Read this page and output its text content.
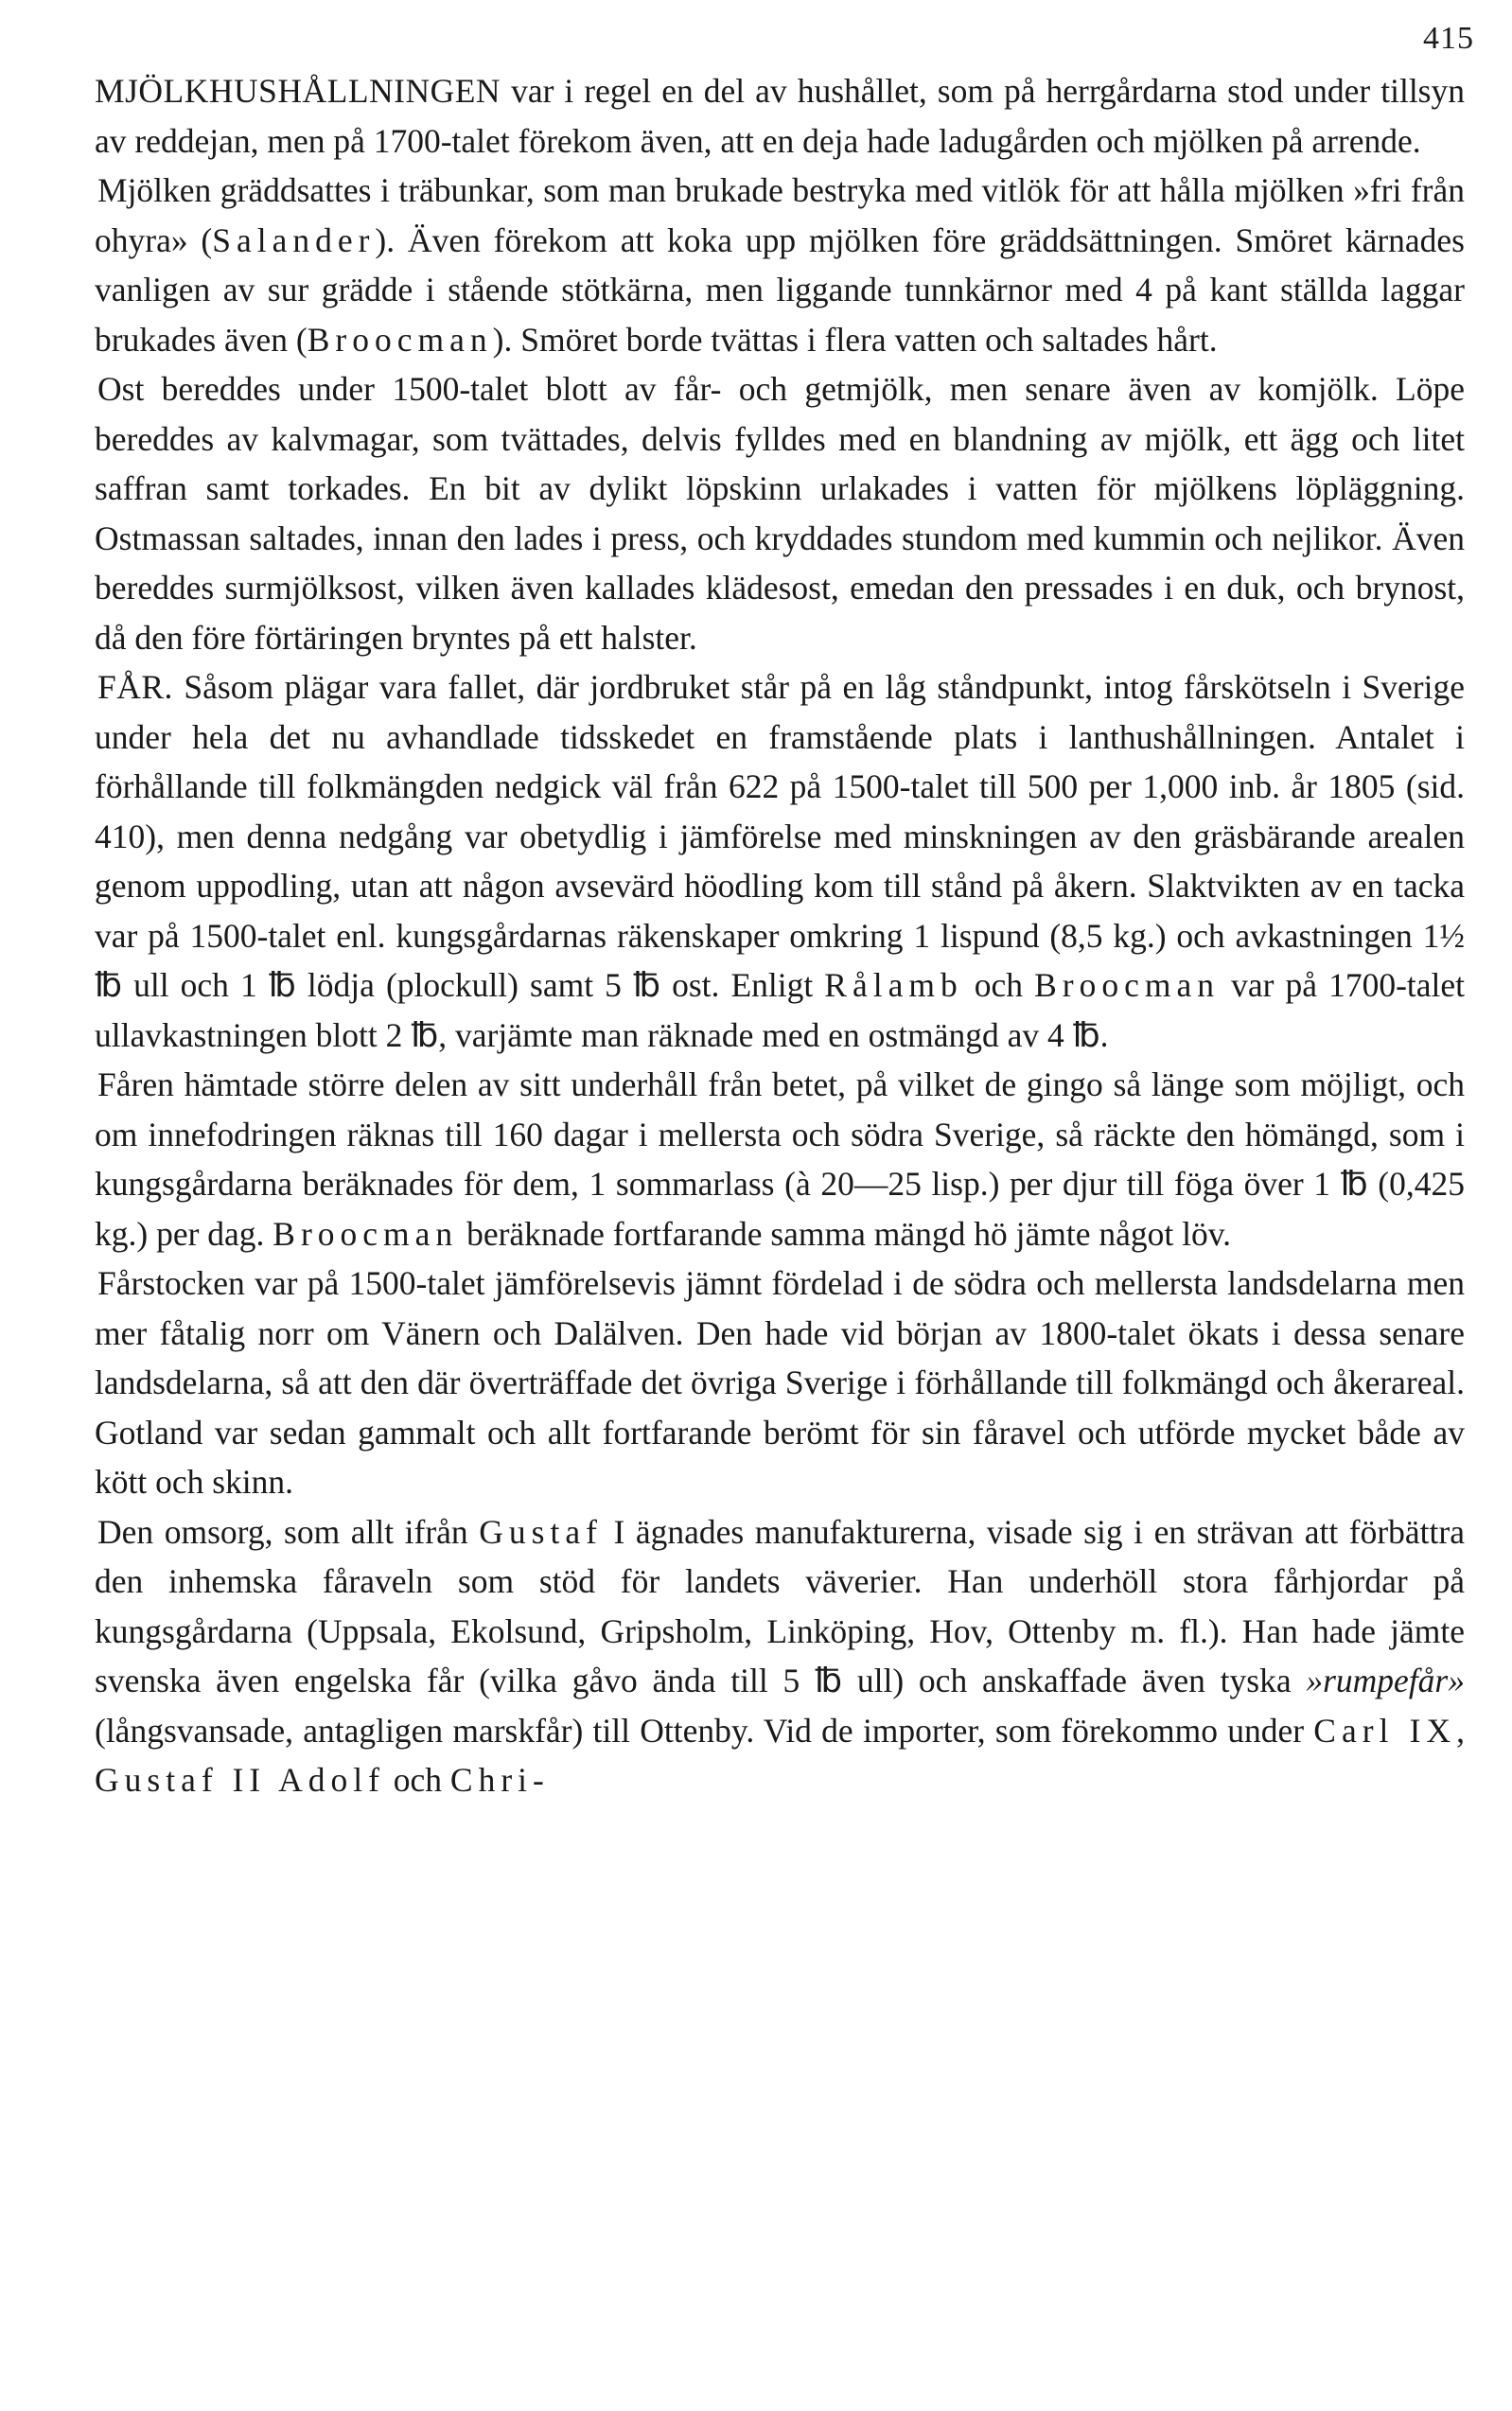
415

MJÖLKHUSHÅLLNINGEN var i regel en del av hushållet, som på herrgårdarna stod under tillsyn av reddejan, men på 1700-talet förekom även, att en deja hade ladugården och mjölken på arrende.

Mjölken gräddsattes i träbunkar, som man brukade bestryka med vitlök för att hålla mjölken »fri från ohyra» (Salander). Även förekom att koka upp mjölken före gräddsättningen. Smöret kärnades vanligen av sur grädde i stående stötkärna, men liggande tunnkärnor med 4 på kant ställda laggar brukades även (Broocman). Smöret borde tvättas i flera vatten och saltades hårt.

Ost bereddes under 1500-talet blott av får- och getmjölk, men senare även av komjölk. Löpe bereddes av kalvmagar, som tvättades, delvis fylldes med en blandning av mjölk, ett ägg och litet saffran samt torkades. En bit av dylikt löpskinn urlakades i vatten för mjölkens löpläggning. Ostmassan saltades, innan den lades i press, och kryddades stundom med kummin och nejlikor. Även bereddes surmjölksost, vilken även kallades klädesost, emedan den pressades i en duk, och brynost, då den före förtäringen bryntes på ett halster.

FÅR. Såsom plägar vara fallet, där jordbruket står på en låg ståndpunkt, intog fårskötseln i Sverige under hela det nu avhandlade tidsskedet en framstående plats i lanthushållningen. Antalet i förhållande till folkmängden nedgick väl från 622 på 1500-talet till 500 per 1,000 inb. år 1805 (sid. 410), men denna nedgång var obetydlig i jämförelse med minskningen av den gräsbärande arealen genom uppodling, utan att någon avsevärd höodling kom till stånd på åkern. Slaktvikten av en tacka var på 1500-talet enl. kungsgårdarnas räkenskaper omkring 1 lispund (8,5 kg.) och avkastningen 1½ ℔ ull och 1 ℔ lödja (plockull) samt 5 ℔ ost. Enligt Rålamb och Broocman var på 1700-talet ullavkastningen blott 2 ℔, varjämte man räknade med en ostmängd av 4 ℔.

Fåren hämtade större delen av sitt underhåll från betet, på vilket de gingo så länge som möjligt, och om innefodringen räknas till 160 dagar i mellersta och södra Sverige, så räckte den hömängd, som i kungsgårdarna beräknades för dem, 1 sommarlass (à 20—25 lisp.) per djur till föga över 1 ℔ (0,425 kg.) per dag. Broocman beräknade fortfarande samma mängd hö jämte något löv.

Fårstocken var på 1500-talet jämförelsevis jämnt fördelad i de södra och mellersta landsdelarna men mer fåtalig norr om Vänern och Dalälven. Den hade vid början av 1800-talet ökats i dessa senare landsdelarna, så att den där överträffade det övriga Sverige i förhållande till folkmängd och åkerareal. Gotland var sedan gammalt och allt fortfarande berömt för sin fåravel och utförde mycket både av kött och skinn.

Den omsorg, som allt ifrån Gustaf I ägnades manufakturerna, visade sig i en strävan att förbättra den inhemska fåraveln som stöd för landets väverier. Han underhöll stora fårhjordar på kungsgårdarna (Uppsala, Ekolsund, Gripsholm, Linköping, Hov, Ottenby m. fl.). Han hade jämte svenska även engelska får (vilka gåvo ända till 5 ℔ ull) och anskaffade även tyska »rumpefår» (långsvansade, antagligen marskfår) till Ottenby. Vid de importer, som förekommo under Carl IX, Gustaf II Adolf och Chri-
